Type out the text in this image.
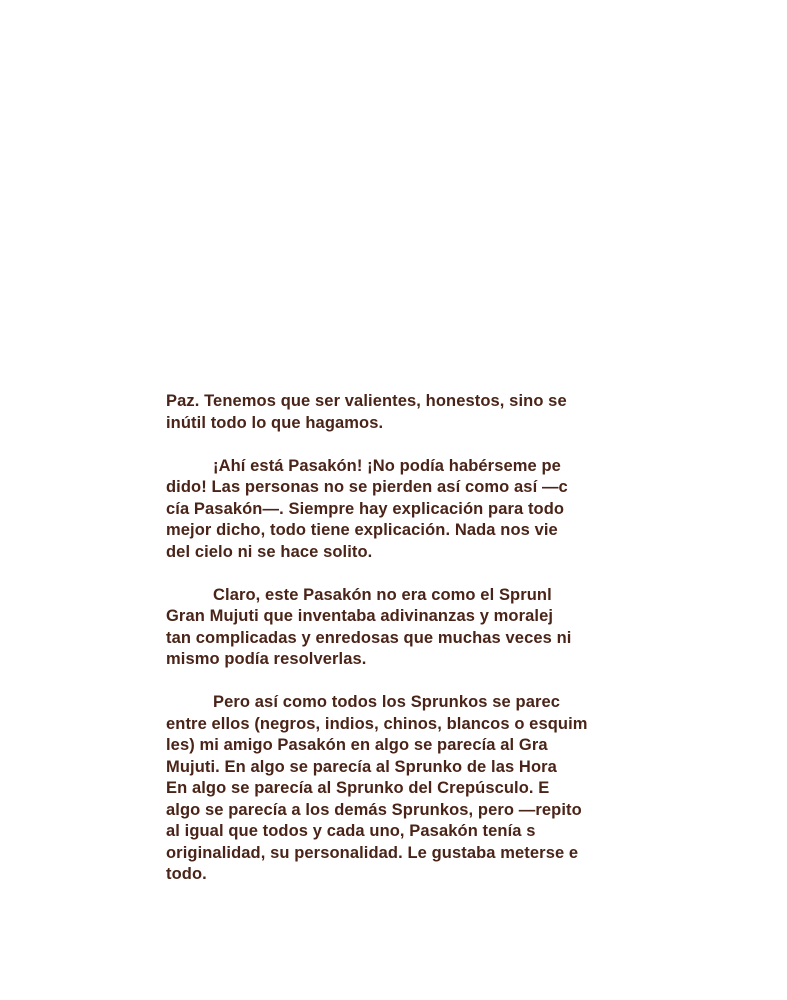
Paz. Tenemos que ser valientes, honestos, sino se
inútil todo lo que hagamos.

¡Ahí está Pasakón! ¡No podía habérseme pe
dido! Las personas no se pierden así como así —c
cía Pasakón—. Siempre hay explicación para todo
mejor dicho, todo tiene explicación. Nada nos vie
del cielo ni se hace solito.

Claro, este Pasakón no era como el Sprunl
Gran Mujuti que inventaba adivinanzas y moralej
tan complicadas y enredosas que muchas veces ni
mismo podía resolverlas.

Pero así como todos los Sprunkos se parec
entre ellos (negros, indios, chinos, blancos o esquim
les) mi amigo Pasakón en algo se parecía al Gra
Mujuti. En algo se parecía al Sprunko de las Hora
En algo se parecía al Sprunko del Crepúsculo. E
algo se parecía a los demás Sprunkos, pero —repito
al igual que todos y cada uno, Pasakón tenía s
originalidad, su personalidad. Le gustaba meterse e
todo.
